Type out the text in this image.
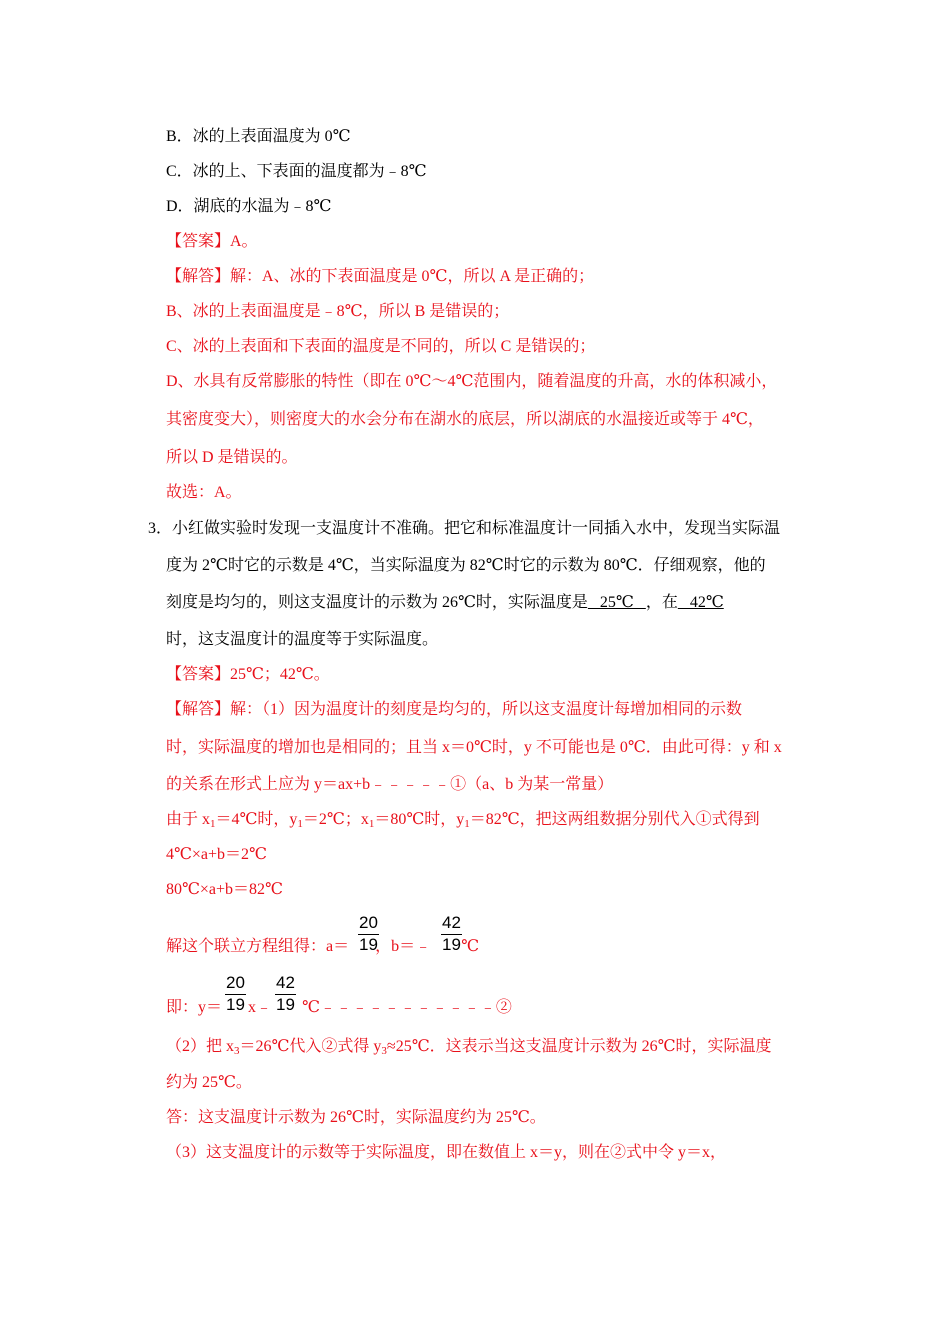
B．冰的上表面温度为 0℃
C．冰的上、下表面的温度都为﹣8℃
D．湖底的水温为﹣8℃
【答案】A。
【解答】解：A、冰的下表面温度是 0℃，所以 A 是正确的；
B、冰的上表面温度是﹣8℃，所以 B 是错误的；
C、冰的上表面和下表面的温度是不同的，所以 C 是错误的；
D、水具有反常膨胀的特性（即在 0℃～4℃范围内，随着温度的升高，水的体积减小，
其密度变大），则密度大的水会分布在湖水的底层，所以湖底的水温接近或等于 4℃，
所以 D 是错误的。
故选：A。
3．小红做实验时发现一支温度计不准确。把它和标准温度计一同插入水中，发现当实际温
度为 2℃时它的示数是 4℃，当实际温度为 82℃时它的示数为 80℃．仔细观察，他的
刻度是均匀的，则这支温度计的示数为 26℃时，实际温度是   25℃   ，在   42℃
时，这支温度计的温度等于实际温度。
【答案】25℃；42℃。
【解答】解：（1）因为温度计的刻度是均匀的，所以这支温度计每增加相同的示数
时，实际温度的增加也是相同的；且当 x＝0℃时，y 不可能也是 0℃．由此可得：y 和 x
的关系在形式上应为 y＝ax+b﹣﹣﹣﹣﹣①（a、b 为某一常量）
由于 $x_1=4℃$时，$y_1=2℃$；$x_1=80℃$时，$y_1=82℃$，把这两组数据分别代入①式得到
4℃×a+b＝2℃
80℃×a+b＝82℃
解这个联立方程组得：a＝ ，b＝﹣ ℃
$\frac{20}{19}$	$\frac{42}{19}$
即：y＝ x﹣ ℃﹣﹣﹣﹣﹣﹣﹣﹣﹣﹣﹣②
$\frac{20}{19} \frac{42}{19}$
（2）把 $x_3=26℃$代入②式得 $y_3\approx 25℃$．这表示当这支温度计示数为 26℃时，实际温度
约为 25℃。
答：这支温度计示数为 26℃时，实际温度约为 25℃。
（3）这支温度计的示数等于实际温度，即在数值上 x＝y，则在②式中令 y＝x，
